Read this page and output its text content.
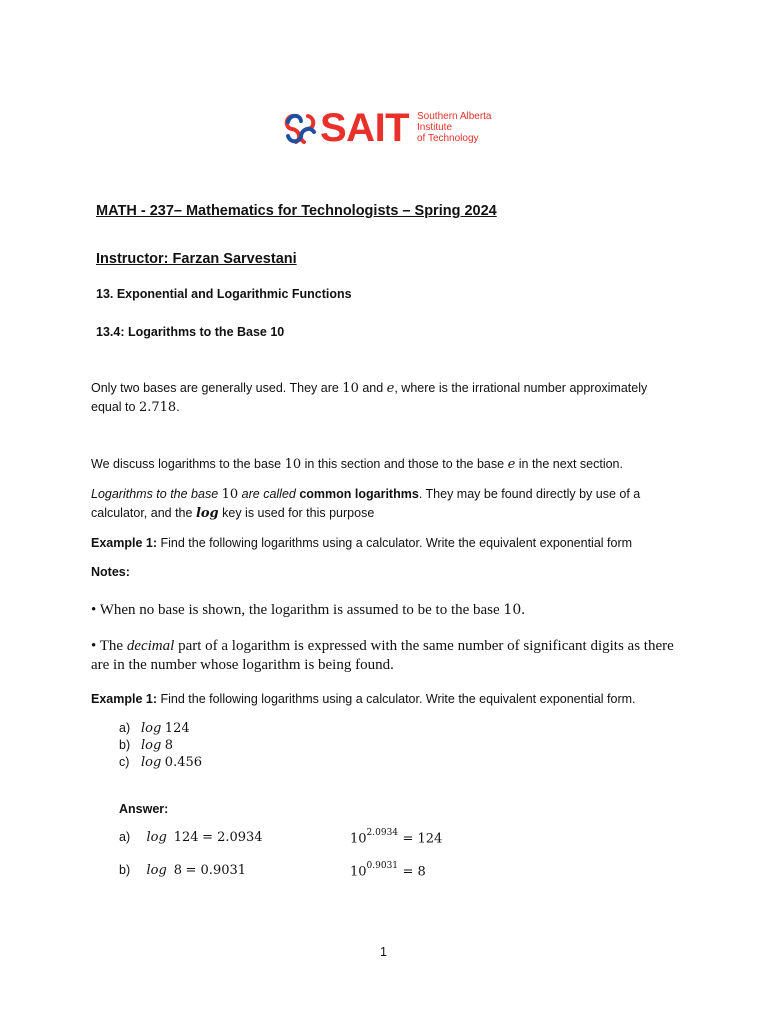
SAIT Southern Alberta
Institute
of Technology
MATH - 237– Mathematics for Technologists – Spring 2024
Instructor: Farzan Sarvestani
13. Exponential and Logarithmic Functions
13.4: Logarithms to the Base 10
Only two bases are generally used. They are 10 and e, where is the irrational number approximately
equal to 2.718.
We discuss logarithms to the base 10 in this section and those to the base e in the next section.
Logarithms to the base 10 are called common logarithms. They may be found directly by use of a
calculator, and the log key is used for this purpose
Example 1: Find the following logarithms using a calculator. Write the equivalent exponential form
Notes:
• When no base is shown, the logarithm is assumed to be to the base 10.
• The decimal part of a logarithm is expressed with the same number of significant digits as there
are in the number whose logarithm is being found.
Example 1: Find the following logarithms using a calculator. Write the equivalent exponential form.
a) log 124
b) log 8
c) log 0.456
Answer:
a) log 124 = 2.0934	$10^{2.0934} = 124$
b) log 8 = 0.9031	$10^{0.9031} = 8$
1
